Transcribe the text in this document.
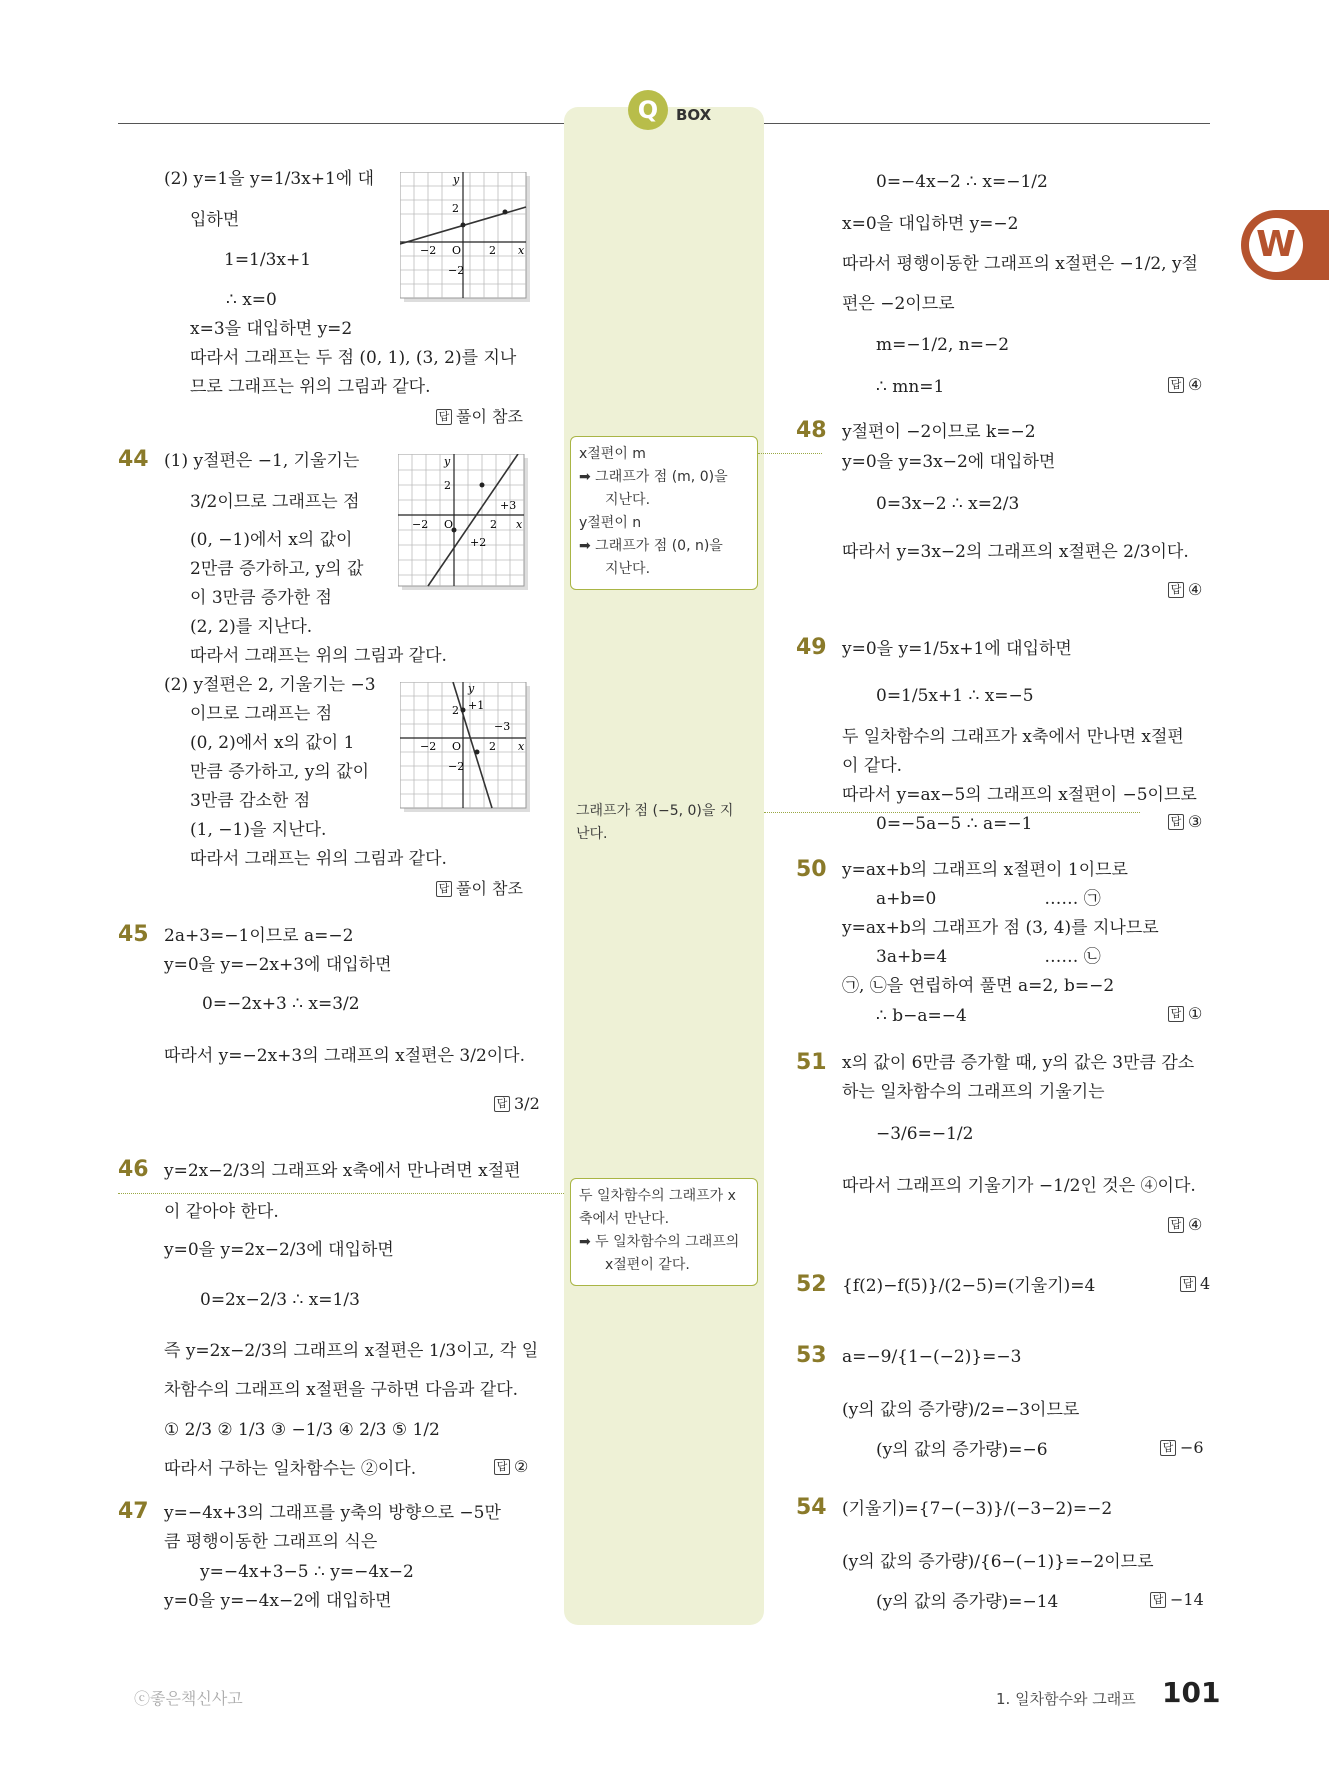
Q	BOX
W
(2) y=1을 y=1/3x+1에 대
입하면
1=1/3x+1
∴ x=0
x=3을 대입하면 y=2
따라서 그래프는 두 점 (0, 1), (3, 2)를 지나
므로 그래프는 위의 그림과 같다.
답 풀이 참조
y
x
O
2
−2
2
−2
44 (1) y절편은 −1, 기울기는
3/2이므로 그래프는 점
(0, −1)에서 x의 값이
2만큼 증가하고, y의 값
이 3만큼 증가한 점
(2, 2)를 지난다.
따라서 그래프는 위의 그림과 같다.
y
x
O
2
2
−2
+3
+2
(2) y절편은 2, 기울기는 −3
이므로 그래프는 점
(0, 2)에서 x의 값이 1
만큼 증가하고, y의 값이
3만큼 감소한 점
(1, −1)을 지난다.
따라서 그래프는 위의 그림과 같다.
답 풀이 참조
y
x
O
2
−2
2
−2
+1
−3
45 2a+3=−1이므로 a=−2
y=0을 y=−2x+3에 대입하면
0=−2x+3 ∴ x=3/2
따라서 y=−2x+3의 그래프의 x절편은 3/2이다.
답 3/2
46 y=2x−2/3의 그래프와 x축에서 만나려면 x절편
이 같아야 한다.
y=0을 y=2x−2/3에 대입하면
0=2x−2/3 ∴ x=1/3
즉 y=2x−2/3의 그래프의 x절편은 1/3이고, 각 일
차함수의 그래프의 x절편을 구하면 다음과 같다.
① 2/3 ② 1/3 ③ −1/3 ④ 2/3 ⑤ 1/2
따라서 구하는 일차함수는 ②이다.	답 ②
47 y=−4x+3의 그래프를 y축의 방향으로 −5만
큼 평행이동한 그래프의 식은
y=−4x+3−5 ∴ y=−4x−2
y=0을 y=−4x−2에 대입하면
x절편이 m
➡ 그래프가 점 (m, 0)을
지난다.
y절편이 n
➡ 그래프가 점 (0, n)을
지난다.
그래프가 점 (−5, 0)을 지
난다.
두 일차함수의 그래프가 x
축에서 만난다.
➡ 두 일차함수의 그래프의
x절편이 같다.
0=−4x−2 ∴ x=−1/2
x=0을 대입하면 y=−2
따라서 평행이동한 그래프의 x절편은 −1/2, y절
편은 −2이므로
m=−1/2, n=−2
∴ mn=1	답 ④
48 y절편이 −2이므로 k=−2
y=0을 y=3x−2에 대입하면
0=3x−2 ∴ x=2/3
따라서 y=3x−2의 그래프의 x절편은 2/3이다.
답 ④
49 y=0을 y=1/5x+1에 대입하면
0=1/5x+1 ∴ x=−5
두 일차함수의 그래프가 x축에서 만나면 x절편
이 같다.
따라서 y=ax−5의 그래프의 x절편이 −5이므로
0=−5a−5 ∴ a=−1	답 ③
50 y=ax+b의 그래프의 x절편이 1이므로
a+b=0                    …… ㉠
y=ax+b의 그래프가 점 (3, 4)를 지나므로
3a+b=4                  …… ㉡
㉠, ㉡을 연립하여 풀면 a=2, b=−2
∴ b−a=−4	답 ①
51 x의 값이 6만큼 증가할 때, y의 값은 3만큼 감소
하는 일차함수의 그래프의 기울기는
−3/6=−1/2
따라서 그래프의 기울기가 −1/2인 것은 ④이다.
답 ④
52 {f(2)−f(5)}/(2−5)=(기울기)=4	답 4
53 a=−9/{1−(−2)}=−3
(y의 값의 증가량)/2=−3이므로
(y의 값의 증가량)=−6	답 −6
54 (기울기)={7−(−3)}/(−3−2)=−2
(y의 값의 증가량)/{6−(−1)}=−2이므로
(y의 값의 증가량)=−14	답 −14
ⓒ좋은책신사고	1. 일차함수와 그래프 101
